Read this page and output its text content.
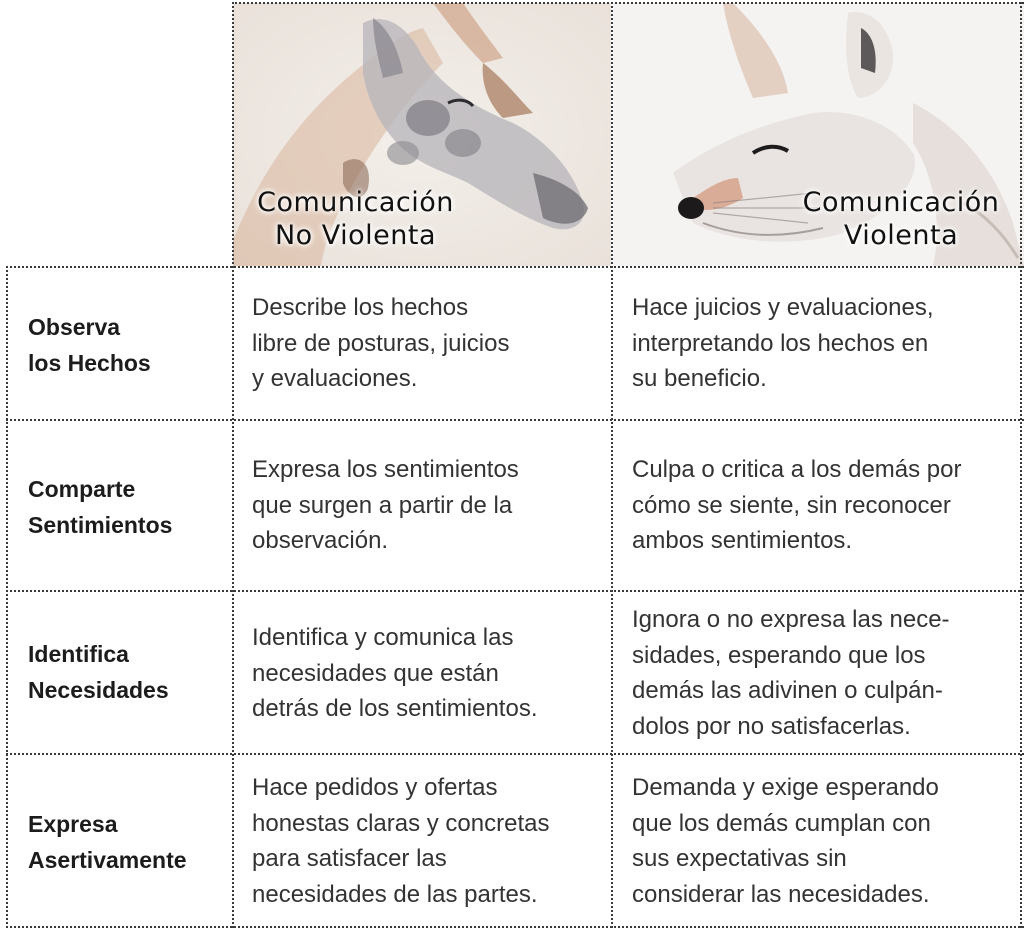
Comunicación
No Violenta
Comunicación
Violenta
Observa
los Hechos
Describe los hechos
libre de posturas, juicios
y evaluaciones.
Hace juicios y evaluaciones,
interpretando los hechos en
su beneficio.
Comparte
Sentimientos
Expresa los sentimientos
que surgen a partir de la
observación.
Culpa o critica a los demás por
cómo se siente, sin reconocer
ambos sentimientos.
Identifica
Necesidades
Identifica y comunica las
necesidades que están
detrás de los sentimientos.
Ignora o no expresa las nece-
sidades, esperando que los
demás las adivinen o culpán-
dolos por no satisfacerlas.
Expresa
Asertivamente
Hace pedidos y ofertas
honestas claras y concretas
para satisfacer las
necesidades de las partes.
Demanda y exige esperando
que los demás cumplan con
sus expectativas sin
considerar las necesidades.
